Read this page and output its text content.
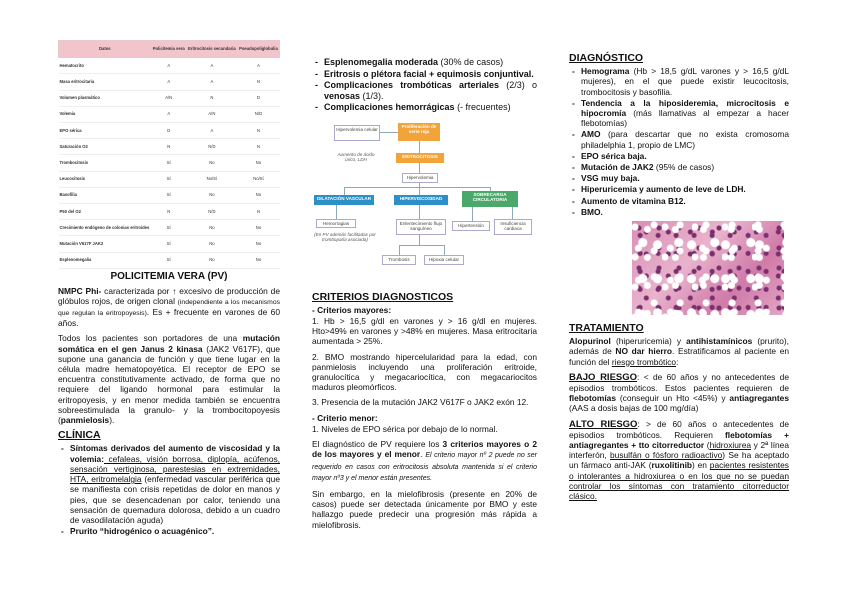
Datos	Policitemia vera	Eritrocitosis secundaria	Pseudopoliglobulia
Hematocrito	A	A	A
Masa eritrocitaria	A	A	N
Volumen plasmático	A/N	N	D
Volemia	A	A/N	N/D
EPO sérica	D	A	N
Saturación O2	N	N/D	N
Trombocitosis	Sí	No	No
Leucocitosis	Sí	No/Sí	No/Sí
Basofilia	Sí	No	No
P50 del O2	N	N/D	N
Crecimiento endógeno de colonias eritroides	Sí	No	No
Mutación V617F JAK2	Sí	No	No
Esplenomegalia	Sí	No	No
POLICITEMIA VERA (PV)

NMPC Phi- caracterizada por ↑ excesivo de producción de glóbulos rojos, de origen clonal (independiente a los mecanismos que regulan la eritropoyesis). Es + frecuente en varones de 60 años.

Todos los pacientes son portadores de una mutación somática en el gen Janus 2 kinasa (JAK2 V617F), que supone una ganancia de función y que tiene lugar en la célula madre hematopoyética. El receptor de EPO se encuentra constitutivamente activado, de forma que no requiere del ligando hormonal para estimular la eritropoyesis, y en menor medida también se encuentra sobreestimulada la granulo- y la trombocitopoyesis (panmielosis).

CLÍNICA
- Síntomas derivados del aumento de viscosidad y la volemia: cefaleas, visión borrosa, diplopía, acúfenos, sensación vertiginosa, parestesias en extremidades, HTA, eritromelalgia (enfermedad vascular periférica que se manifiesta con crisis repetidas de dolor en manos y pies, que se desencadenan por calor, teniendo una sensación de quemadura dolorosa, debido a un cuadro de vasodilatación aguda)
- Prurito “hidrogénico o acuagénico”.
- Esplenomegalia moderada (30% de casos)
- Eritrosis o plétora facial + equimosis conjuntival.
- Complicaciones trombóticas arteriales (2/3) o venosas (1/3).
- Complicaciones hemorrágicas (- frecuentes)
Hipervolemia celular
Proliferación de serie roja
Aumento de ácido úrico, LDH
ERITROCITOSIS
Hipervolemia
DILATACIÓN VASCULAR	HIPERVISCOSIDAD
SOBRECARGA CIRCULATORIA
Hemorragias
(En PV además facilitadas por trombopatía asociada)
Enlentecimiento flujo sanguíneo
Hipertensión	Insuficiencia cardiaca
Trombosis	Hipoxia celular
CRITERIOS DIAGNOSTICOS

- Criterios mayores:

1. Hb > 16,5 g/dl en varones y > 16 g/dl en mujeres. Hto>49% en varones y >48% en mujeres. Masa eritrocitaria aumentada > 25%.

2. BMO mostrando hipercelularidad para la edad, con panmielosis incluyendo una proliferación eritroide, granulocítica y megacariocítica, con megacariocitos maduros pleomórficos.

3. Presencia de la mutación JAK2 V617F o JAK2 exón 12.

- Criterio menor:

1. Niveles de EPO sérica por debajo de lo normal.

El diagnóstico de PV requiere los 3 criterios mayores o 2 de los mayores y el menor. El criterio mayor nº 2 puede no ser requerido en casos con eritrocitosis absoluta mantenida si el criterio mayor nº3 y el menor están presentes.

Sin embargo, en la mielofibrosis (presente en 20% de casos) puede ser detectada únicamente por BMO y este hallazgo puede predecir una progresión más rápida a mielofibrosis.

DIAGNÓSTICO
- Hemograma (Hb > 18,5 g/dL varones y > 16,5 g/dL mujeres), en el que puede existir leucocitosis, trombocitosis y basofilia.
- Tendencia a la hiposideremia, microcitosis e hipocromía (más llamativas al empezar a hacer flebotomías)
- AMO (para descartar que no exista cromosoma philadelphia 1, propio de LMC)
- EPO sérica baja.
- Mutación de JAK2 (95% de casos)
- VSG muy baja.
- Hiperuricemia y aumento de leve de LDH.
- Aumento de vitamina B12.
- BMO.
TRATAMIENTO

Alopurinol (hiperuricemia) y antihistamínicos (prurito), además de NO dar hierro. Estratificamos al paciente en función del riesgo trombótico:

BAJO RIESGO: < de 60 años y no antecedentes de episodios trombóticos. Estos pacientes requieren de flebotomías (conseguir un Hto <45%) y antiagregantes (AAS a dosis bajas de 100 mg/día)

ALTO RIESGO: > de 60 años o antecedentes de episodios trombóticos. Requieren flebotomías + antiagregantes + tto citorreductor (hidroxiurea y 2ª línea interferón, busulfán o fósforo radioactivo) Se ha aceptado un fármaco anti-JAK (ruxolitinib) en pacientes resistentes o intolerantes a hidroxiurea o en los que no se puedan controlar los síntomas con tratamiento citorreductor clásico.
